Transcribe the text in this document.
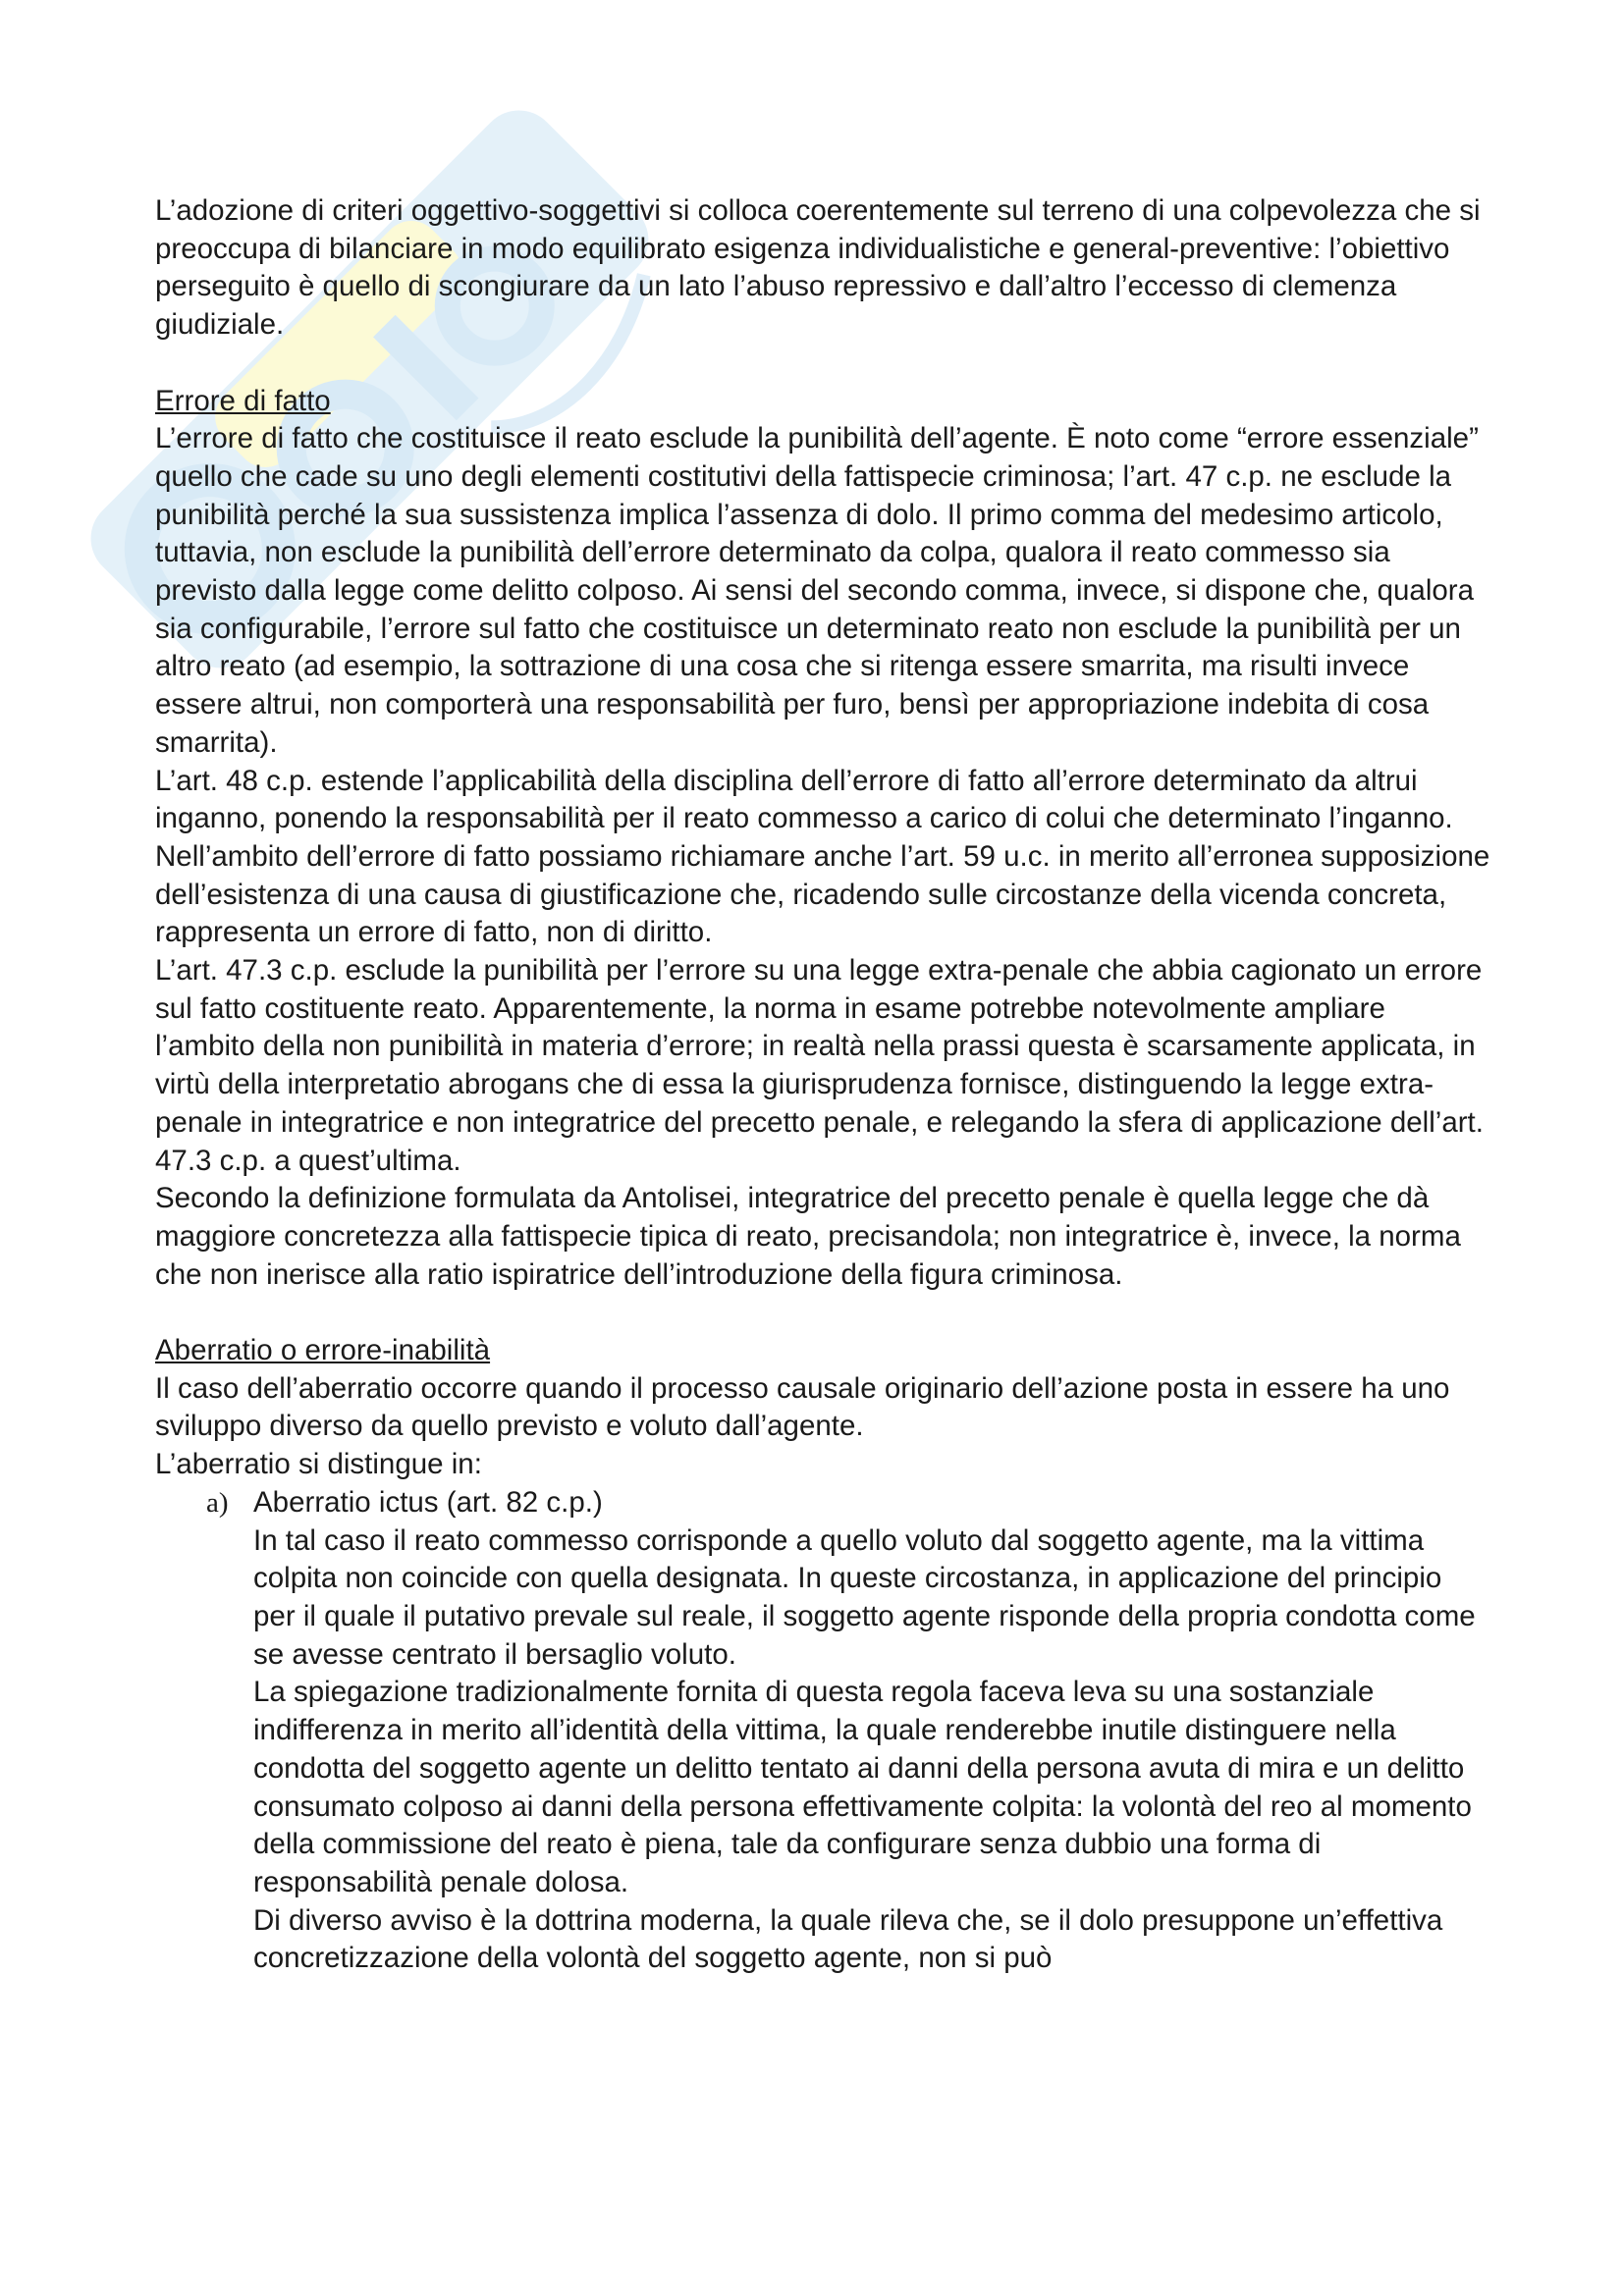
L’adozione di criteri oggettivo-soggettivi si colloca coerentemente sul terreno di una colpevolezza che si preoccupa di bilanciare in modo equilibrato esigenza individualistiche e general-preventive: l’obiettivo perseguito è quello di scongiurare da un lato l’abuso repressivo e dall’altro l’eccesso di clemenza giudiziale.

Errore di fatto

L’errore di fatto che costituisce il reato esclude la punibilità dell’agente. È noto come “errore essenziale” quello che cade su uno degli elementi costitutivi della fattispecie criminosa; l’art. 47 c.p. ne esclude la punibilità perché la sua sussistenza implica l’assenza di dolo. Il primo comma del medesimo articolo, tuttavia, non esclude la punibilità dell’errore determinato da colpa, qualora il reato commesso sia previsto dalla legge come delitto colposo. Ai sensi del secondo comma, invece, si dispone che, qualora sia configurabile, l’errore sul fatto che costituisce un determinato reato non esclude la punibilità per un altro reato (ad esempio, la sottrazione di una cosa che si ritenga essere smarrita, ma risulti invece essere altrui, non comporterà una responsabilità per furo, bensì per appropriazione indebita di cosa smarrita).

L’art. 48 c.p. estende l’applicabilità della disciplina dell’errore di fatto all’errore determinato da altrui inganno, ponendo la responsabilità per il reato commesso a carico di colui che determinato l’inganno.

Nell’ambito dell’errore di fatto possiamo richiamare anche l’art. 59 u.c. in merito all’erronea supposizione dell’esistenza di una causa di giustificazione che, ricadendo sulle circostanze della vicenda concreta, rappresenta un errore di fatto, non di diritto.

L’art. 47.3 c.p. esclude la punibilità per l’errore su una legge extra-penale che abbia cagionato un errore sul fatto costituente reato. Apparentemente, la norma in esame potrebbe notevolmente ampliare l’ambito della non punibilità in materia d’errore; in realtà nella prassi questa è scarsamente applicata, in virtù della interpretatio abrogans che di essa la giurisprudenza fornisce, distinguendo la legge extra-penale in integratrice e non integratrice del precetto penale, e relegando la sfera di applicazione dell’art. 47.3 c.p. a quest’ultima.

Secondo la definizione formulata da Antolisei, integratrice del precetto penale è quella legge che dà maggiore concretezza alla fattispecie tipica di reato, precisandola; non integratrice è, invece, la norma che non inerisce alla ratio ispiratrice dell’introduzione della figura criminosa.

Aberratio o errore-inabilità

Il caso dell’aberratio occorre quando il processo causale originario dell’azione posta in essere ha uno sviluppo diverso da quello previsto e voluto dall’agente.

L’aberratio si distingue in:

a) Aberratio ictus (art. 82 c.p.)

In tal caso il reato commesso corrisponde a quello voluto dal soggetto agente, ma la vittima colpita non coincide con quella designata. In queste circostanza, in applicazione del principio per il quale il putativo prevale sul reale, il soggetto agente risponde della propria condotta come se avesse centrato il bersaglio voluto.

La spiegazione tradizionalmente fornita di questa regola faceva leva su una sostanziale indifferenza in merito all’identità della vittima, la quale renderebbe inutile distinguere nella condotta del soggetto agente un delitto tentato ai danni della persona avuta di mira e un delitto consumato colposo ai danni della persona effettivamente colpita: la volontà del reo al momento della commissione del reato è piena, tale da configurare senza dubbio una forma di responsabilità penale dolosa.

Di diverso avviso è la dottrina moderna, la quale rileva che, se il dolo presuppone un’effettiva concretizzazione della volontà del soggetto agente, non si può
